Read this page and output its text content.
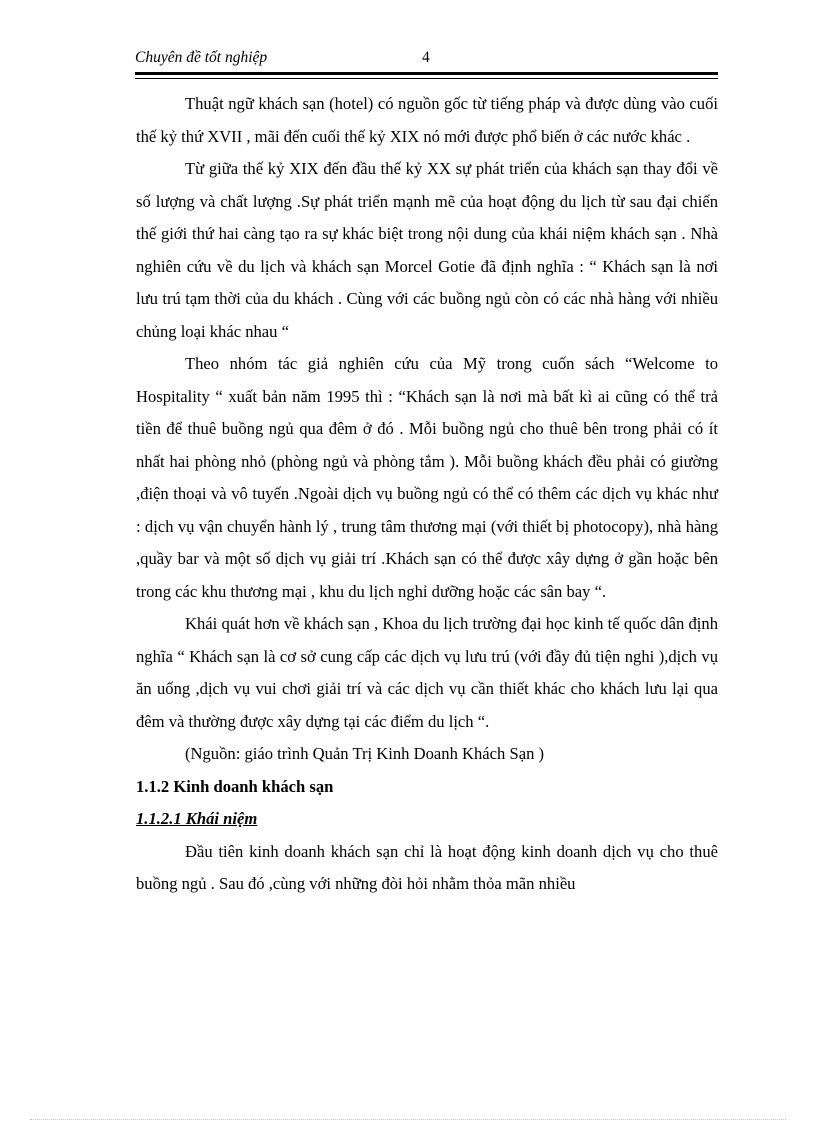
Chuyên đề tốt nghiệp	4

Thuật ngữ khách sạn (hotel) có nguồn gốc từ tiếng pháp và được dùng vào cuối thế kỷ thứ XVII , mãi đến cuối thế kỷ XIX nó mới được phổ biến ở các nước khác .

Từ giữa thế kỷ XIX đến đầu thế kỷ XX sự phát triển của khách sạn thay đổi về số lượng và chất lượng .Sự phát triển mạnh mẽ của hoạt động du lịch từ sau đại chiến thế giới thứ hai càng tạo ra sự khác biệt trong nội dung của khái niệm khách sạn . Nhà nghiên cứu về du lịch và khách sạn Morcel Gotie đã định nghĩa : “ Khách sạn là nơi lưu trú tạm thời của du khách . Cùng với các buồng ngủ còn có các nhà hàng với nhiều chủng loại khác nhau “

Theo nhóm tác giả nghiên cứu của Mỹ trong cuốn sách “Welcome to Hospitality “ xuất bản năm 1995 thì : “Khách sạn là nơi mà bất kì ai cũng có thể trả tiền để thuê buồng ngủ qua đêm ở đó . Mỗi buồng ngủ cho thuê bên trong phải có ít nhất hai phòng nhỏ (phòng ngủ và phòng tắm ). Mỗi buồng khách đều phải có giường ,điện thoại và vô tuyến .Ngoài dịch vụ buồng ngủ có thể có thêm các dịch vụ khác như : dịch vụ vận chuyển hành lý , trung tâm thương mại (với thiết bị photocopy), nhà hàng ,quầy bar và một số dịch vụ giải trí .Khách sạn có thể được xây dựng ở gần hoặc bên trong các khu thương mại , khu du lịch nghỉ dưỡng hoặc các sân bay “.

Khái quát hơn về khách sạn , Khoa du lịch trường đại học kinh tế quốc dân định nghĩa “ Khách sạn là cơ sở cung cấp các dịch vụ lưu trú (với đầy đủ tiện nghi ),dịch vụ ăn uống ,dịch vụ vui chơi giải trí và các dịch vụ cần thiết khác cho khách lưu lại qua đêm và thường được xây dựng tại các điểm du lịch “.

(Nguồn: giáo trình Quản Trị Kinh Doanh Khách Sạn )

1.1.2 Kinh doanh khách sạn

1.1.2.1 Khái niệm

Đầu tiên kinh doanh khách sạn chỉ là hoạt động kinh doanh dịch vụ cho thuê buồng ngủ . Sau đó ,cùng với những đòi hỏi nhằm thỏa mãn nhiều
